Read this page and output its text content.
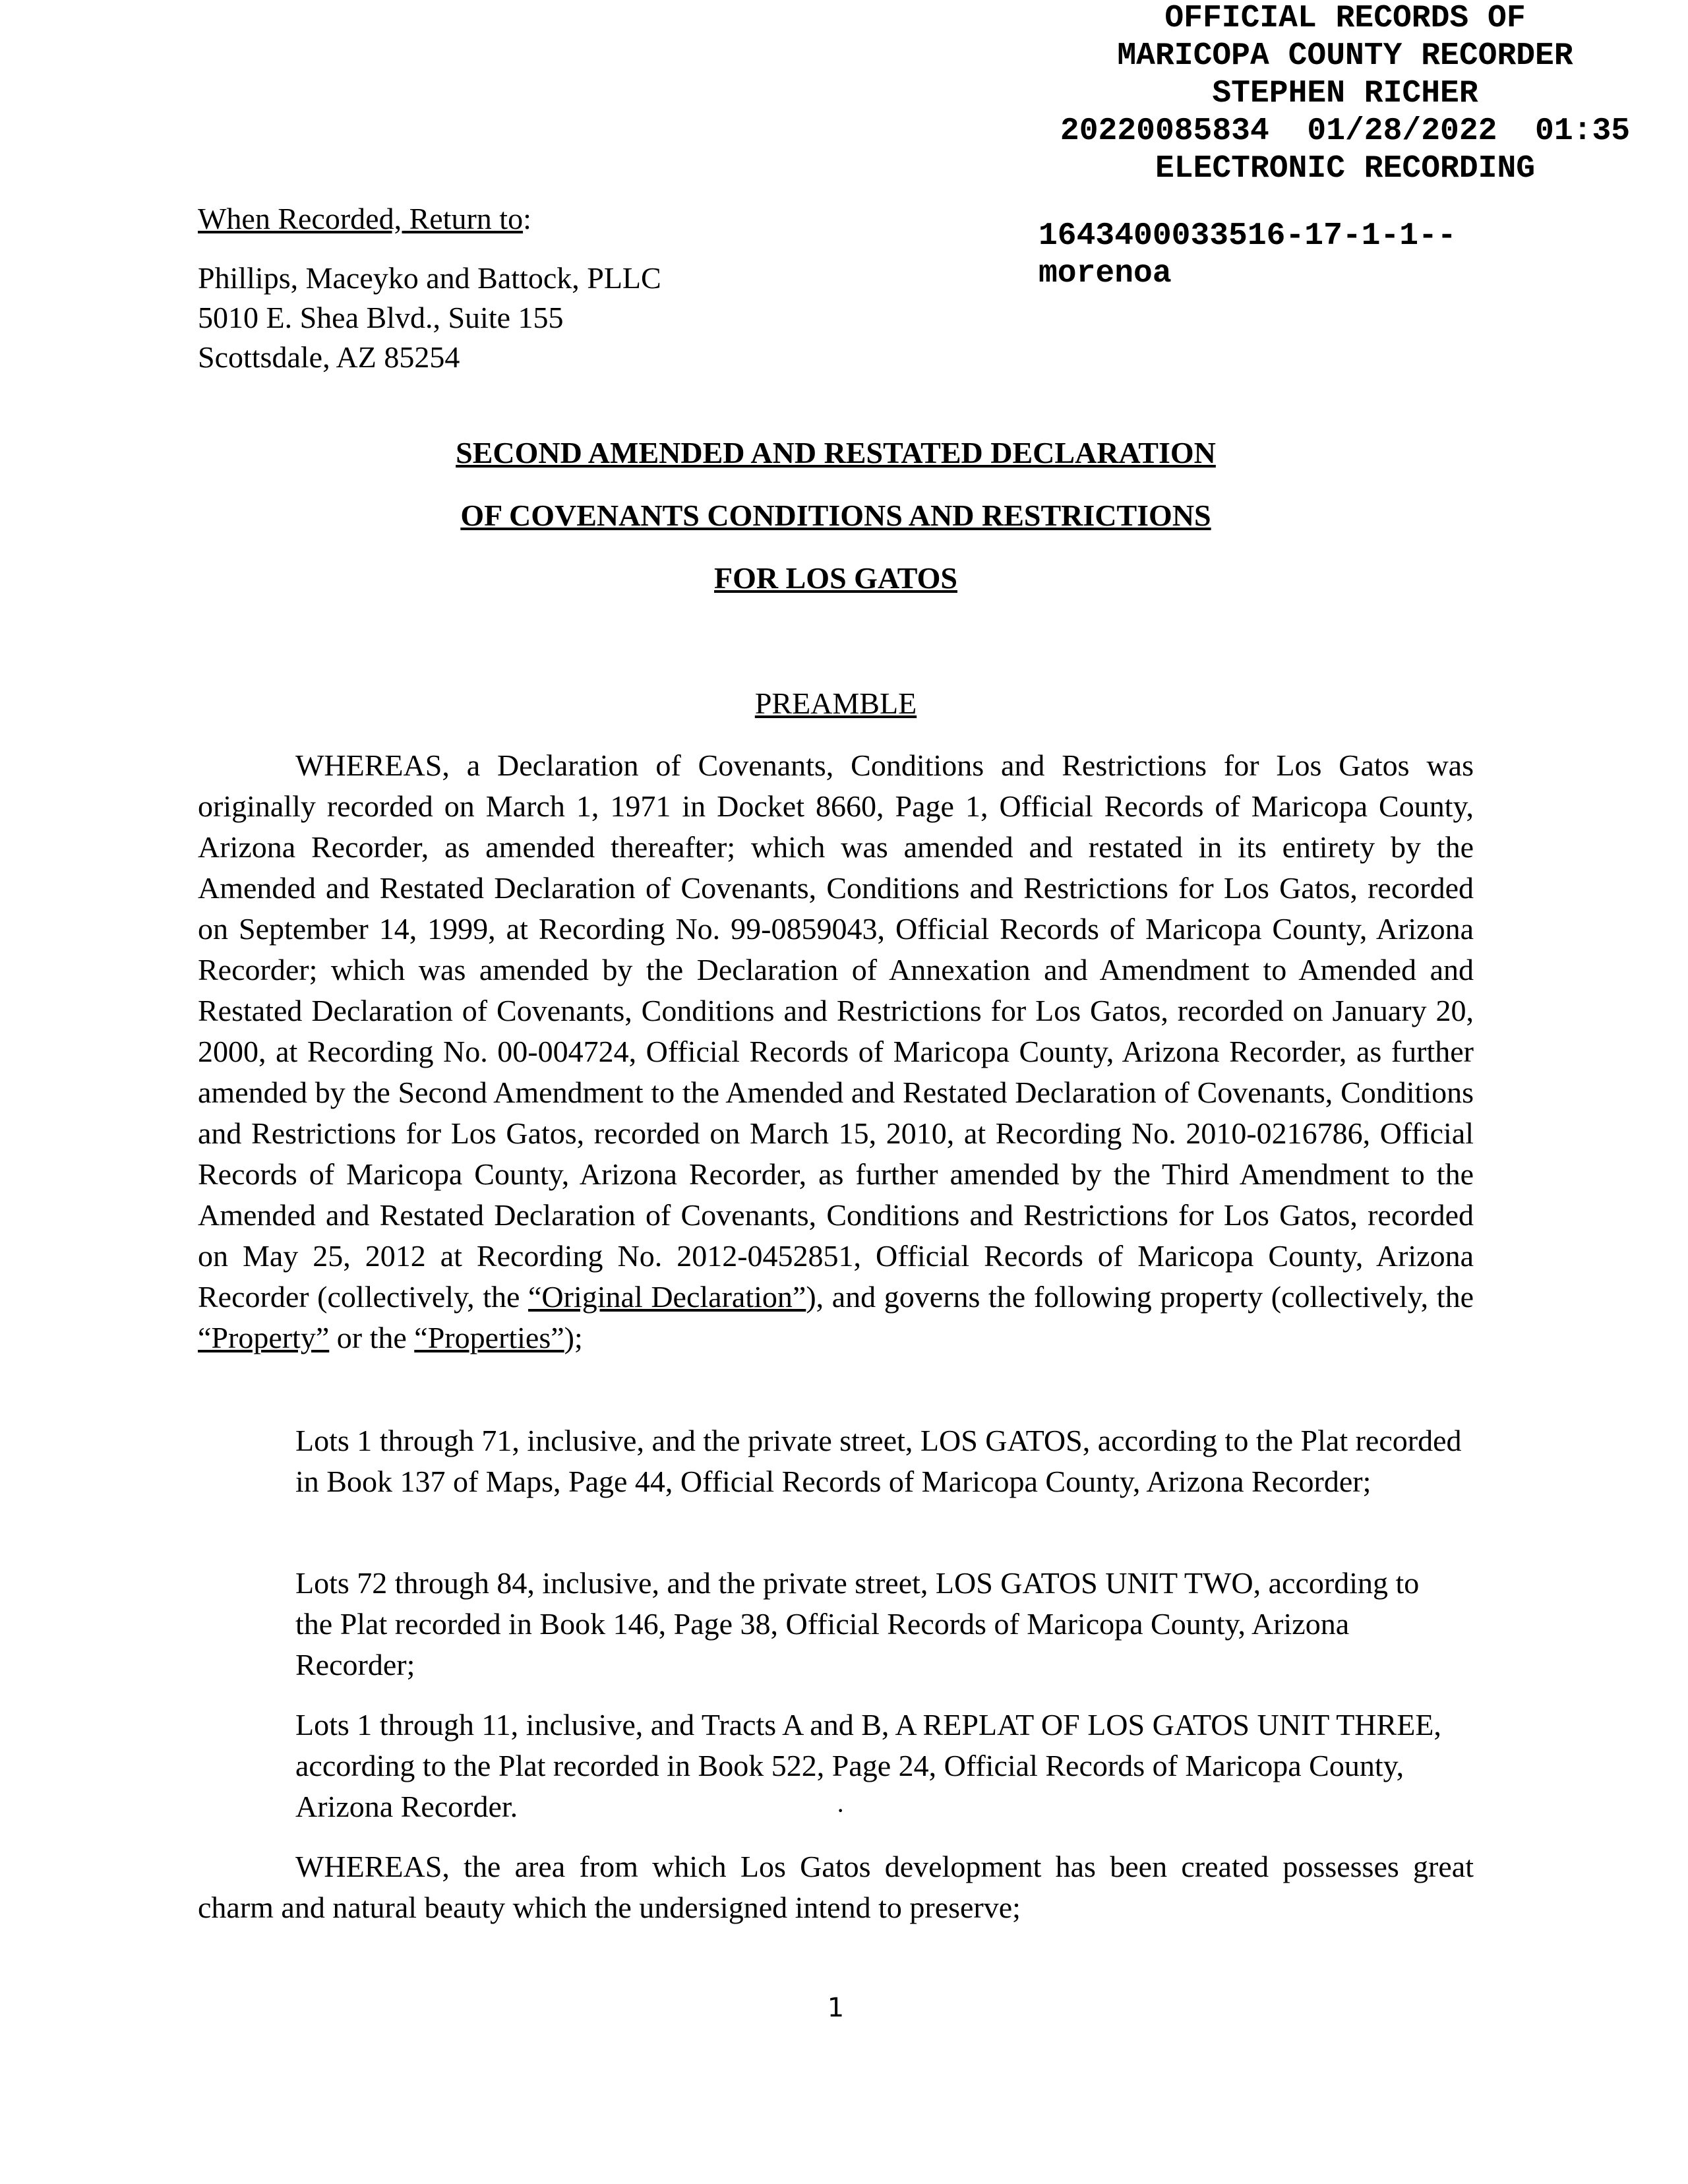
OFFICIAL RECORDS OF
MARICOPA COUNTY RECORDER
STEPHEN RICHER
20220085834  01/28/2022  01:35
ELECTRONIC RECORDING
1643400033516-17-1-1--
morenoa
When Recorded, Return to:
Phillips, Maceyko and Battock, PLLC
5010 E. Shea Blvd., Suite 155
Scottsdale, AZ 85254
SECOND AMENDED AND RESTATED DECLARATION
OF COVENANTS CONDITIONS AND RESTRICTIONS
FOR LOS GATOS
PREAMBLE
WHEREAS, a Declaration of Covenants, Conditions and Restrictions for Los Gatos was originally recorded on March 1, 1971 in Docket 8660, Page 1, Official Records of Maricopa County, Arizona Recorder, as amended thereafter; which was amended and restated in its entirety by the Amended and Restated Declaration of Covenants, Conditions and Restrictions for Los Gatos, recorded on September 14, 1999, at Recording No. 99-0859043, Official Records of Maricopa County, Arizona Recorder; which was amended by the Declaration of Annexation and Amendment to Amended and Restated Declaration of Covenants, Conditions and Restrictions for Los Gatos, recorded on January 20, 2000, at Recording No. 00-004724, Official Records of Maricopa County, Arizona Recorder, as further amended by the Second Amendment to the Amended and Restated Declaration of Covenants, Conditions and Restrictions for Los Gatos, recorded on March 15, 2010, at Recording No. 2010-0216786, Official Records of Maricopa County, Arizona Recorder, as further amended by the Third Amendment to the Amended and Restated Declaration of Covenants, Conditions and Restrictions for Los Gatos, recorded on May 25, 2012 at Recording No. 2012-0452851, Official Records of Maricopa County, Arizona Recorder (collectively, the “Original Declaration”), and governs the following property (collectively, the “Property” or the “Properties”);
Lots 1 through 71, inclusive, and the private street, LOS GATOS, according to the Plat recorded in Book 137 of Maps, Page 44, Official Records of Maricopa County, Arizona Recorder;
Lots 72 through 84, inclusive, and the private street, LOS GATOS UNIT TWO, according to the Plat recorded in Book 146, Page 38, Official Records of Maricopa County, Arizona Recorder;
Lots 1 through 11, inclusive, and Tracts A and B, A REPLAT OF LOS GATOS UNIT THREE, according to the Plat recorded in Book 522, Page 24, Official Records of Maricopa County, Arizona Recorder.	·
WHEREAS, the area from which Los Gatos development has been created possesses great charm and natural beauty which the undersigned intend to preserve;
1
